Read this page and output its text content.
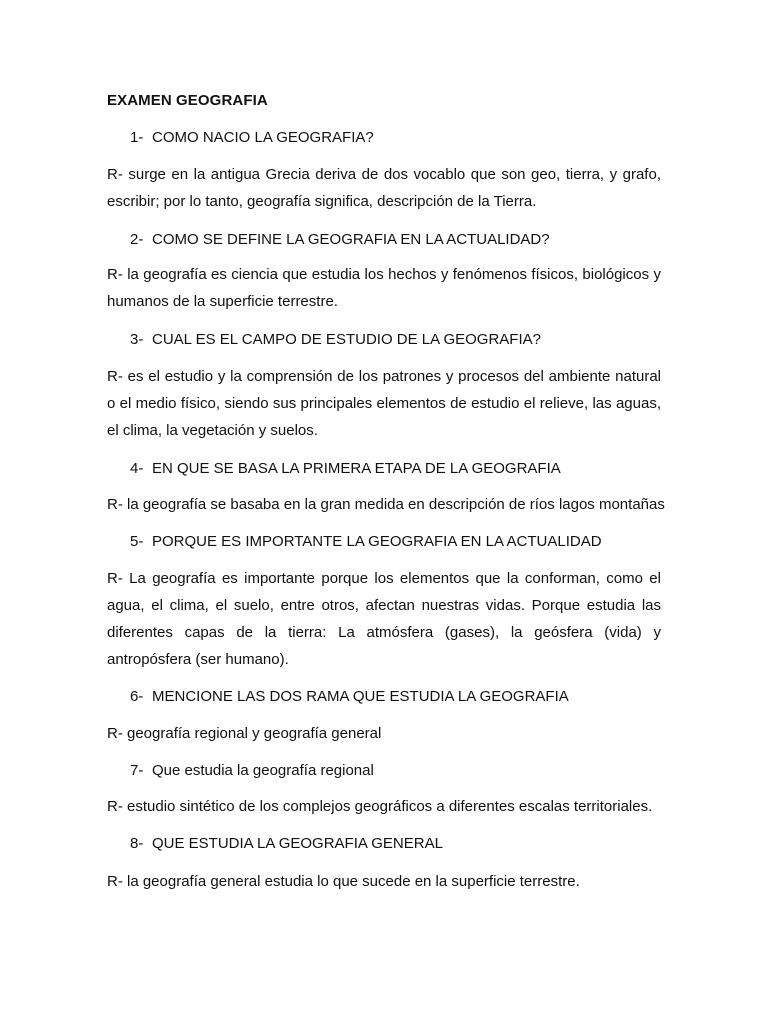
EXAMEN GEOGRAFIA
1- COMO NACIO LA GEOGRAFIA?
R- surge en la antigua Grecia deriva de dos vocablo que son geo, tierra, y grafo, escribir; por lo tanto, geografía significa, descripción de la Tierra.
2- COMO SE DEFINE LA GEOGRAFIA EN LA ACTUALIDAD?
R- la geografía es ciencia que estudia los hechos y fenómenos físicos, biológicos y humanos de la superficie terrestre.
3- CUAL ES EL CAMPO DE ESTUDIO DE LA GEOGRAFIA?
R- es el estudio y la comprensión de los patrones y procesos del ambiente natural o el medio físico, siendo sus principales elementos de estudio el relieve, las aguas, el clima, la vegetación y suelos.
4- EN QUE SE BASA LA PRIMERA ETAPA DE LA GEOGRAFIA
R- la geografía se basaba en la gran medida en descripción de ríos lagos montañas
5- PORQUE ES IMPORTANTE LA GEOGRAFIA EN LA ACTUALIDAD
R- La geografía es importante porque los elementos que la conforman, como el agua, el clima, el suelo, entre otros, afectan nuestras vidas. Porque estudia las diferentes capas de la tierra: La atmósfera (gases), la geósfera (vida) y antropósfera (ser humano).
6- MENCIONE LAS DOS RAMA QUE ESTUDIA LA GEOGRAFIA
R- geografía regional y geografía general
7- Que estudia la geografía regional
R- estudio sintético de los complejos geográficos a diferentes escalas territoriales.
8- QUE ESTUDIA LA GEOGRAFIA GENERAL
R- la geografía general estudia lo que sucede en la superficie terrestre.
